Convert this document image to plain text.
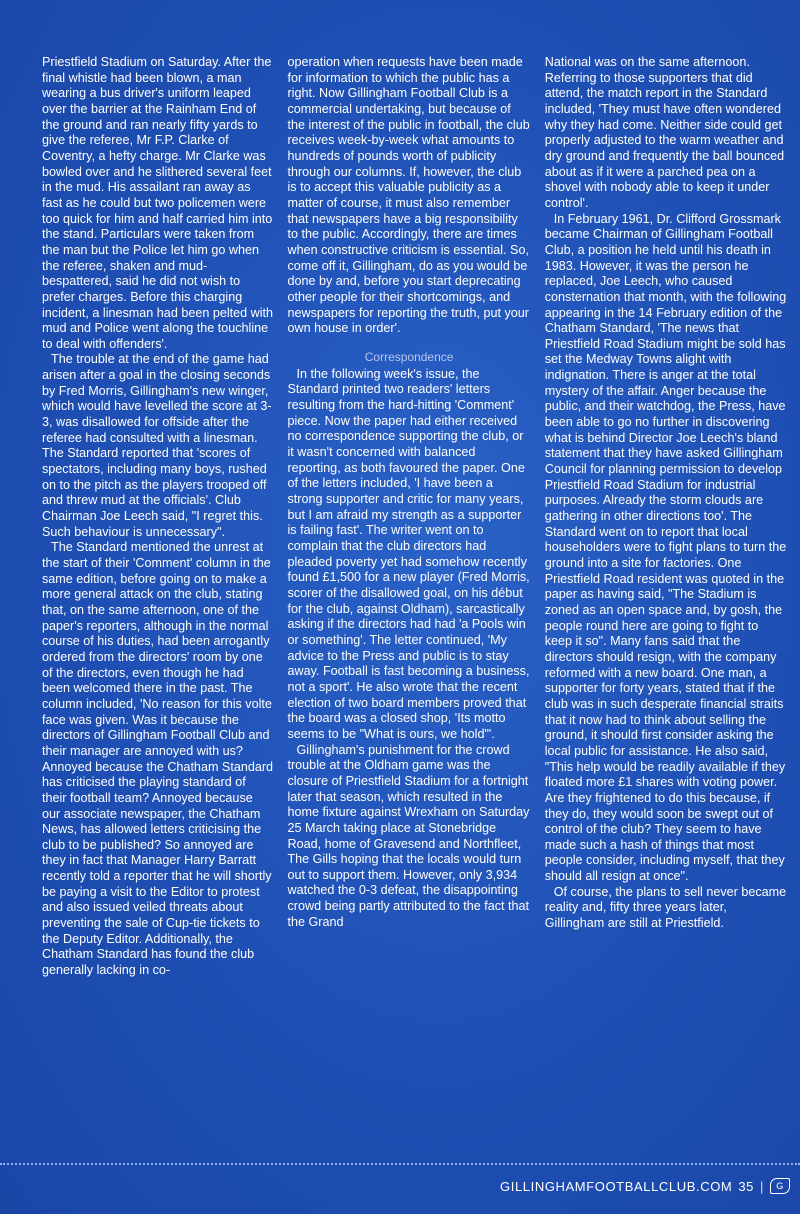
Priestfield Stadium on Saturday. After the final whistle had been blown, a man wearing a bus driver's uniform leaped over the barrier at the Rainham End of the ground and ran nearly fifty yards to give the referee, Mr F.P. Clarke of Coventry, a hefty charge. Mr Clarke was bowled over and he slithered several feet in the mud. His assailant ran away as fast as he could but two policemen were too quick for him and half carried him into the stand. Particulars were taken from the man but the Police let him go when the referee, shaken and mud-bespattered, said he did not wish to prefer charges. Before this charging incident, a linesman had been pelted with mud and Police went along the touchline to deal with offenders'.

The trouble at the end of the game had arisen after a goal in the closing seconds by Fred Morris, Gillingham's new winger, which would have levelled the score at 3-3, was disallowed for offside after the referee had consulted with a linesman. The Standard reported that 'scores of spectators, including many boys, rushed on to the pitch as the players trooped off and threw mud at the officials'. Club Chairman Joe Leech said, "I regret this. Such behaviour is unnecessary".

The Standard mentioned the unrest at the start of their 'Comment' column in the same edition, before going on to make a more general attack on the club, stating that, on the same afternoon, one of the paper's reporters, although in the normal course of his duties, had been arrogantly ordered from the directors' room by one of the directors, even though he had been welcomed there in the past. The column included, 'No reason for this volte face was given. Was it because the directors of Gillingham Football Club and their manager are annoyed with us? Annoyed because the Chatham Standard has criticised the playing standard of their football team? Annoyed because our associate newspaper, the Chatham News, has allowed letters criticising the club to be published? So annoyed are they in fact that Manager Harry Barratt recently told a reporter that he will shortly be paying a visit to the Editor to protest and also issued veiled threats about preventing the sale of Cup-tie tickets to the Deputy Editor. Additionally, the Chatham Standard has found the club generally lacking in co-

operation when requests have been made for information to which the public has a right. Now Gillingham Football Club is a commercial undertaking, but because of the interest of the public in football, the club receives week-by-week what amounts to hundreds of pounds worth of publicity through our columns. If, however, the club is to accept this valuable publicity as a matter of course, it must also remember that newspapers have a big responsibility to the public. Accordingly, there are times when constructive criticism is essential. So, come off it, Gillingham, do as you would be done by and, before you start deprecating other people for their shortcomings, and newspapers for reporting the truth, put your own house in order'.

Correspondence

In the following week's issue, the Standard printed two readers' letters resulting from the hard-hitting 'Comment' piece. Now the paper had either received no correspondence supporting the club, or it wasn't concerned with balanced reporting, as both favoured the paper. One of the letters included, 'I have been a strong supporter and critic for many years, but I am afraid my strength as a supporter is failing fast'. The writer went on to complain that the club directors had pleaded poverty yet had somehow recently found £1,500 for a new player (Fred Morris, scorer of the disallowed goal, on his début for the club, against Oldham), sarcastically asking if the directors had had 'a Pools win or something'. The letter continued, 'My advice to the Press and public is to stay away. Football is fast becoming a business, not a sport'. He also wrote that the recent election of two board members proved that the board was a closed shop, 'Its motto seems to be "What is ours, we hold"'.

Gillingham's punishment for the crowd trouble at the Oldham game was the closure of Priestfield Stadium for a fortnight later that season, which resulted in the home fixture against Wrexham on Saturday 25 March taking place at Stonebridge Road, home of Gravesend and Northfleet, The Gills hoping that the locals would turn out to support them. However, only 3,934 watched the 0-3 defeat, the disappointing crowd being partly attributed to the fact that the Grand

National was on the same afternoon. Referring to those supporters that did attend, the match report in the Standard included, 'They must have often wondered why they had come. Neither side could get properly adjusted to the warm weather and dry ground and frequently the ball bounced about as if it were a parched pea on a shovel with nobody able to keep it under control'.

In February 1961, Dr. Clifford Grossmark became Chairman of Gillingham Football Club, a position he held until his death in 1983. However, it was the person he replaced, Joe Leech, who caused consternation that month, with the following appearing in the 14 February edition of the Chatham Standard, 'The news that Priestfield Road Stadium might be sold has set the Medway Towns alight with indignation. There is anger at the total mystery of the affair. Anger because the public, and their watchdog, the Press, have been able to go no further in discovering what is behind Director Joe Leech's bland statement that they have asked Gillingham Council for planning permission to develop Priestfield Road Stadium for industrial purposes. Already the storm clouds are gathering in other directions too'. The Standard went on to report that local householders were to fight plans to turn the ground into a site for factories. One Priestfield Road resident was quoted in the paper as having said, "The Stadium is zoned as an open space and, by gosh, the people round here are going to fight to keep it so". Many fans said that the directors should resign, with the company reformed with a new board. One man, a supporter for forty years, stated that if the club was in such desperate financial straits that it now had to think about selling the ground, it should first consider asking the local public for assistance. He also said, "This help would be readily available if they floated more £1 shares with voting power. Are they frightened to do this because, if they do, they would soon be swept out of control of the club? They seem to have made such a hash of things that most people consider, including myself, that they should all resign at once".

Of course, the plans to sell never became reality and, fifty three years later, Gillingham are still at Priestfield.

GILLINGHAMFOOTBALLCLUB.COM 35 |	G
